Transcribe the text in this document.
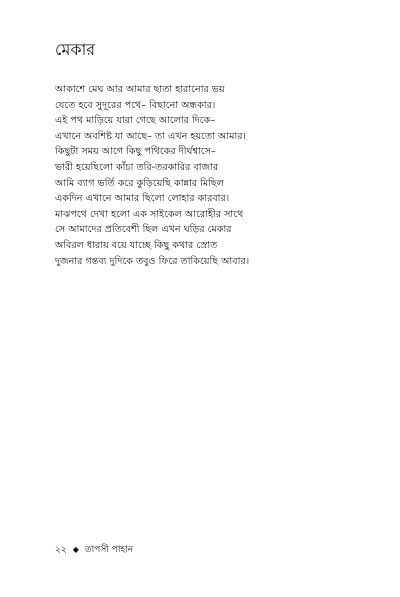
মেকার
আকাশে মেঘ আর আমার ছাতা হারানোর ভয়
যেতে হবে সুদূরের পথে– বিছানো অন্ধকার।
এই পথ মাড়িয়ে যারা গেছে আলোর দিকে–
এখানে অবশিষ্ট যা আছে– তা এখন হয়তো আমার।
কিছুটা সময় আগে কিছু পথিকের দীর্ঘশ্বাসে–
ভারী হয়েছিলো কাঁচা তরি-তরকারির বাজার
আমি ব্যাগ ভর্তি করে কুড়িয়েছি কান্নার মিছিল
একদিন এখানে আমার ছিলো লোহার কারবার।
মাঝপথে দেখা হলো এক সাইকেল আরোহীর সাথে
সে আমাদের প্রতিবেশী ছিল এখন ঘড়ির মেকার
অবিরল ধারায় বয়ে যাচ্ছে কিছু কথার স্রোত
দুজনার গন্তব্য দুদিকে তবুও ফিরে তাকিয়েছি আবার।
২২ ◆ তাপসী পাহান
